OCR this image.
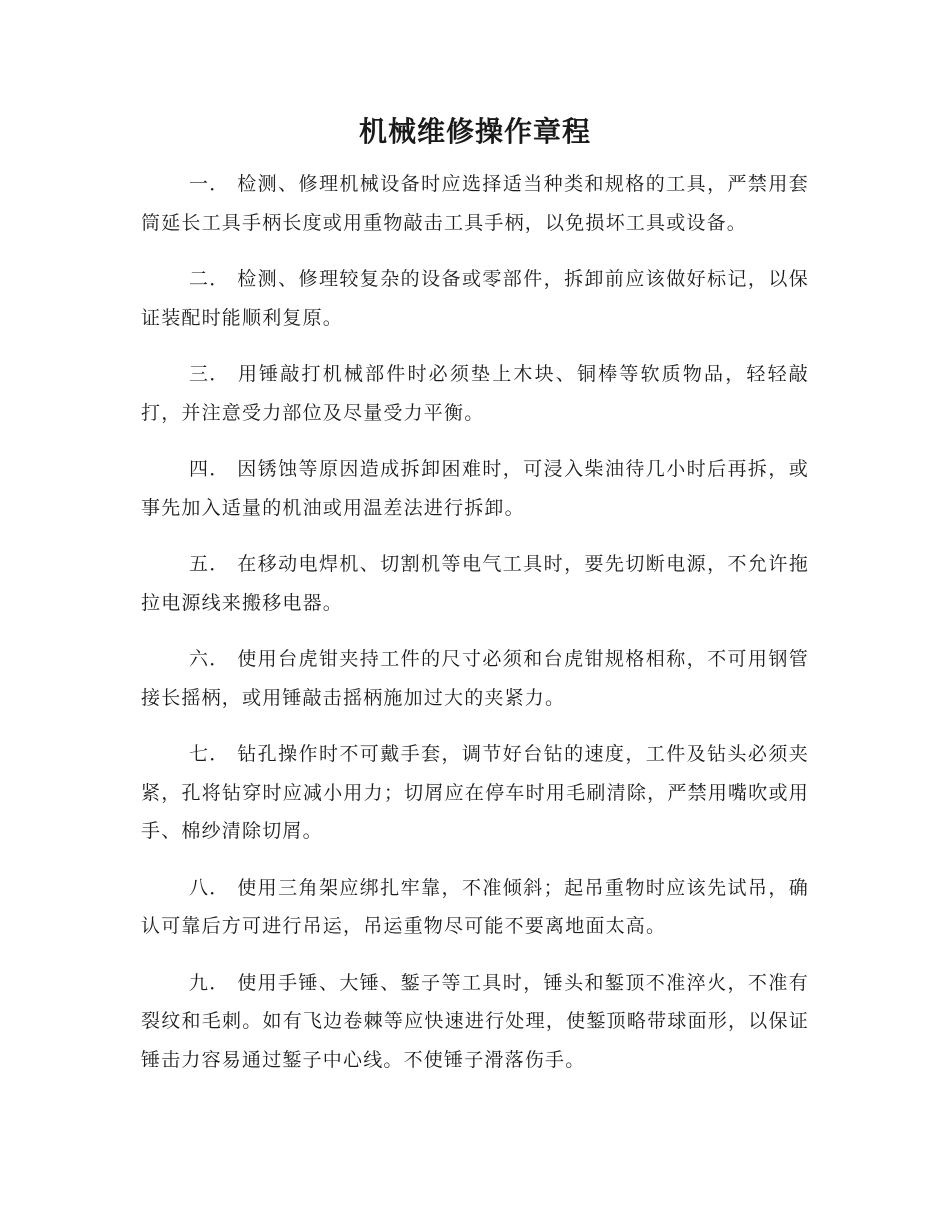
机械维修操作章程

一． 检测、修理机械设备时应选择适当种类和规格的工具，严禁用套筒延长工具手柄长度或用重物敲击工具手柄，以免损坏工具或设备。

二． 检测、修理较复杂的设备或零部件，拆卸前应该做好标记，以保证装配时能顺利复原。

三． 用锤敲打机械部件时必须垫上木块、铜棒等软质物品，轻轻敲打，并注意受力部位及尽量受力平衡。

四． 因锈蚀等原因造成拆卸困难时，可浸入柴油待几小时后再拆，或事先加入适量的机油或用温差法进行拆卸。

五． 在移动电焊机、切割机等电气工具时，要先切断电源，不允许拖拉电源线来搬移电器。

六． 使用台虎钳夹持工件的尺寸必须和台虎钳规格相称，不可用钢管接长摇柄，或用锤敲击摇柄施加过大的夹紧力。

七． 钻孔操作时不可戴手套，调节好台钻的速度，工件及钻头必须夹紧，孔将钻穿时应减小用力；切屑应在停车时用毛刷清除，严禁用嘴吹或用手、棉纱清除切屑。

八． 使用三角架应绑扎牢靠，不准倾斜；起吊重物时应该先试吊，确认可靠后方可进行吊运，吊运重物尽可能不要离地面太高。

九． 使用手锤、大锤、錾子等工具时，锤头和錾顶不准淬火，不准有裂纹和毛刺。如有飞边卷棘等应快速进行处理，使錾顶略带球面形，以保证锤击力容易通过錾子中心线。不使锤子滑落伤手。
